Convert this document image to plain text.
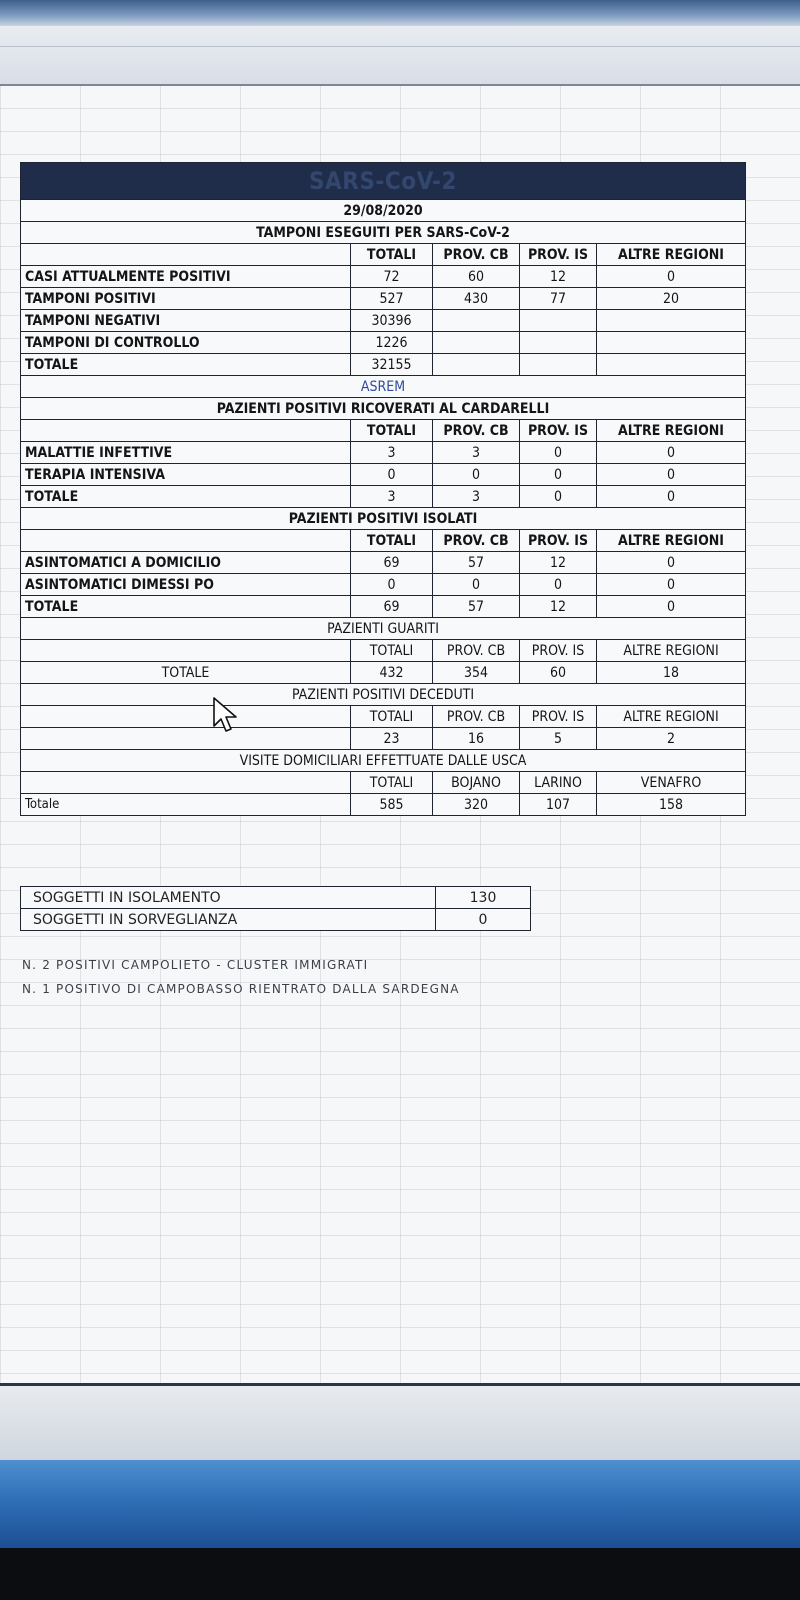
SARS-CoV-2				
29/08/2020				
TAMPONI ESEGUITI PER SARS-CoV-2				
	TOTALI	PROV. CB	PROV. IS	ALTRE REGIONI
CASI ATTUALMENTE POSITIVI	72	60	12	0
TAMPONI POSITIVI	527	430	77	20
TAMPONI NEGATIVI	30396			
TAMPONI DI CONTROLLO	1226			
TOTALE	32155			
ASREM				
PAZIENTI POSITIVI RICOVERATI AL CARDARELLI				
	TOTALI	PROV. CB	PROV. IS	ALTRE REGIONI
MALATTIE INFETTIVE	3	3	0	0
TERAPIA INTENSIVA	0	0	0	0
TOTALE	3	3	0	0
PAZIENTI POSITIVI ISOLATI				
	TOTALI	PROV. CB	PROV. IS	ALTRE REGIONI
ASINTOMATICI A DOMICILIO	69	57	12	0
ASINTOMATICI DIMESSI PO	0	0	0	0
TOTALE	69	57	12	0
PAZIENTI GUARITI				
	TOTALI	PROV. CB	PROV. IS	ALTRE REGIONI
TOTALE	432	354	60	18
PAZIENTI POSITIVI DECEDUTI				
	TOTALI	PROV. CB	PROV. IS	ALTRE REGIONI
	23	16	5	2
VISITE DOMICILIARI EFFETTUATE DALLE USCA				
	TOTALI	BOJANO	LARINO	VENAFRO
Totale	585	320	107	158
SOGGETTI IN ISOLAMENTO	130
SOGGETTI IN SORVEGLIANZA	0
N. 2 POSITIVI CAMPOLIETO - CLUSTER IMMIGRATI
N. 1 POSITIVO DI CAMPOBASSO RIENTRATO DALLA SARDEGNA
